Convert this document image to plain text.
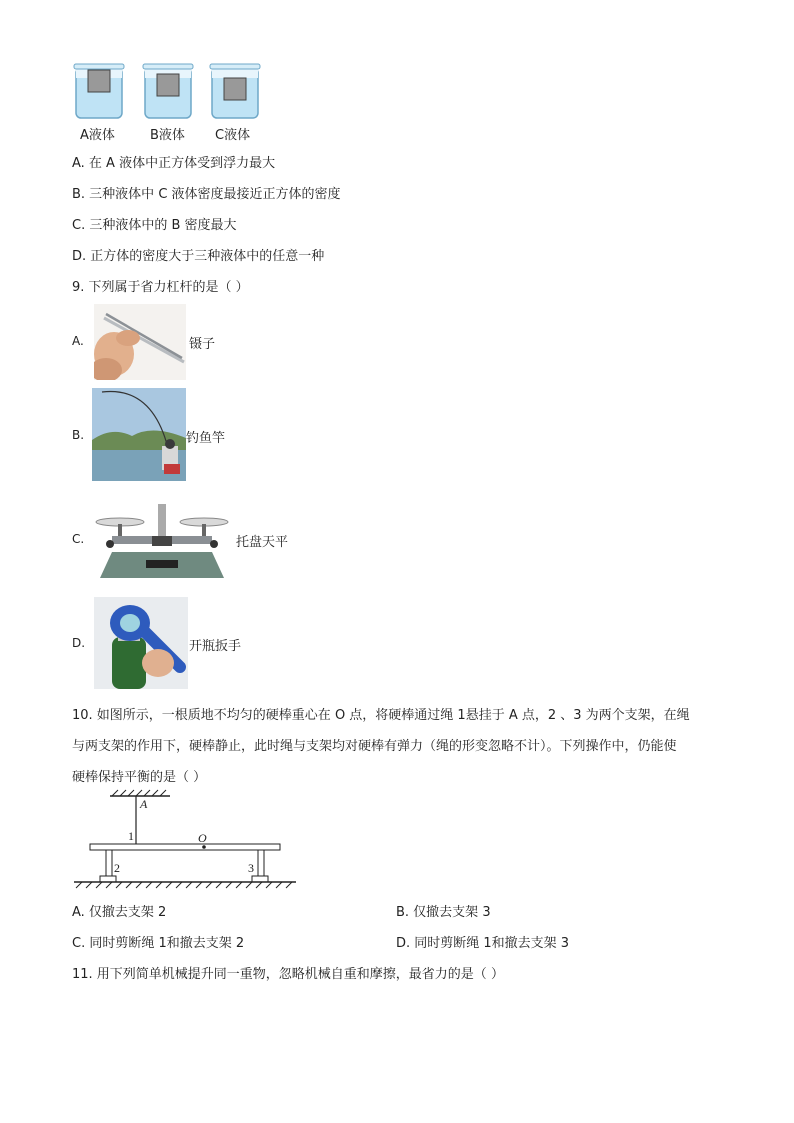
A液体	B液体 C液体
A. 在 A 液体中正方体受到浮力最大
B. 三种液体中 C 液体密度最接近正方体的密度
C. 三种液体中的 B 密度最大
D. 正方体的密度大于三种液体中的任意一种
9. 下列属于省力杠杆的是（ ）
A.	镊子
B.	钓鱼竿
C.	托盘天平
D.	开瓶扳手
10. 如图所示，一根质地不均匀的硬棒重心在 O 点，将硬棒通过绳 1悬挂于 A 点，2 、3 为两个支架，在绳
与两支架的作用下，硬棒静止，此时绳与支架均对硬棒有弹力（绳的形变忽略不计）。下列操作中，仍能使
硬棒保持平衡的是（ ）
A
1	O
2	3
A. 仅撤去支架 2	B. 仅撤去支架 3
C. 同时剪断绳 1和撤去支架 2	D. 同时剪断绳 1和撤去支架 3
11. 用下列简单机械提升同一重物，忽略机械自重和摩擦，最省力的是（ ）
